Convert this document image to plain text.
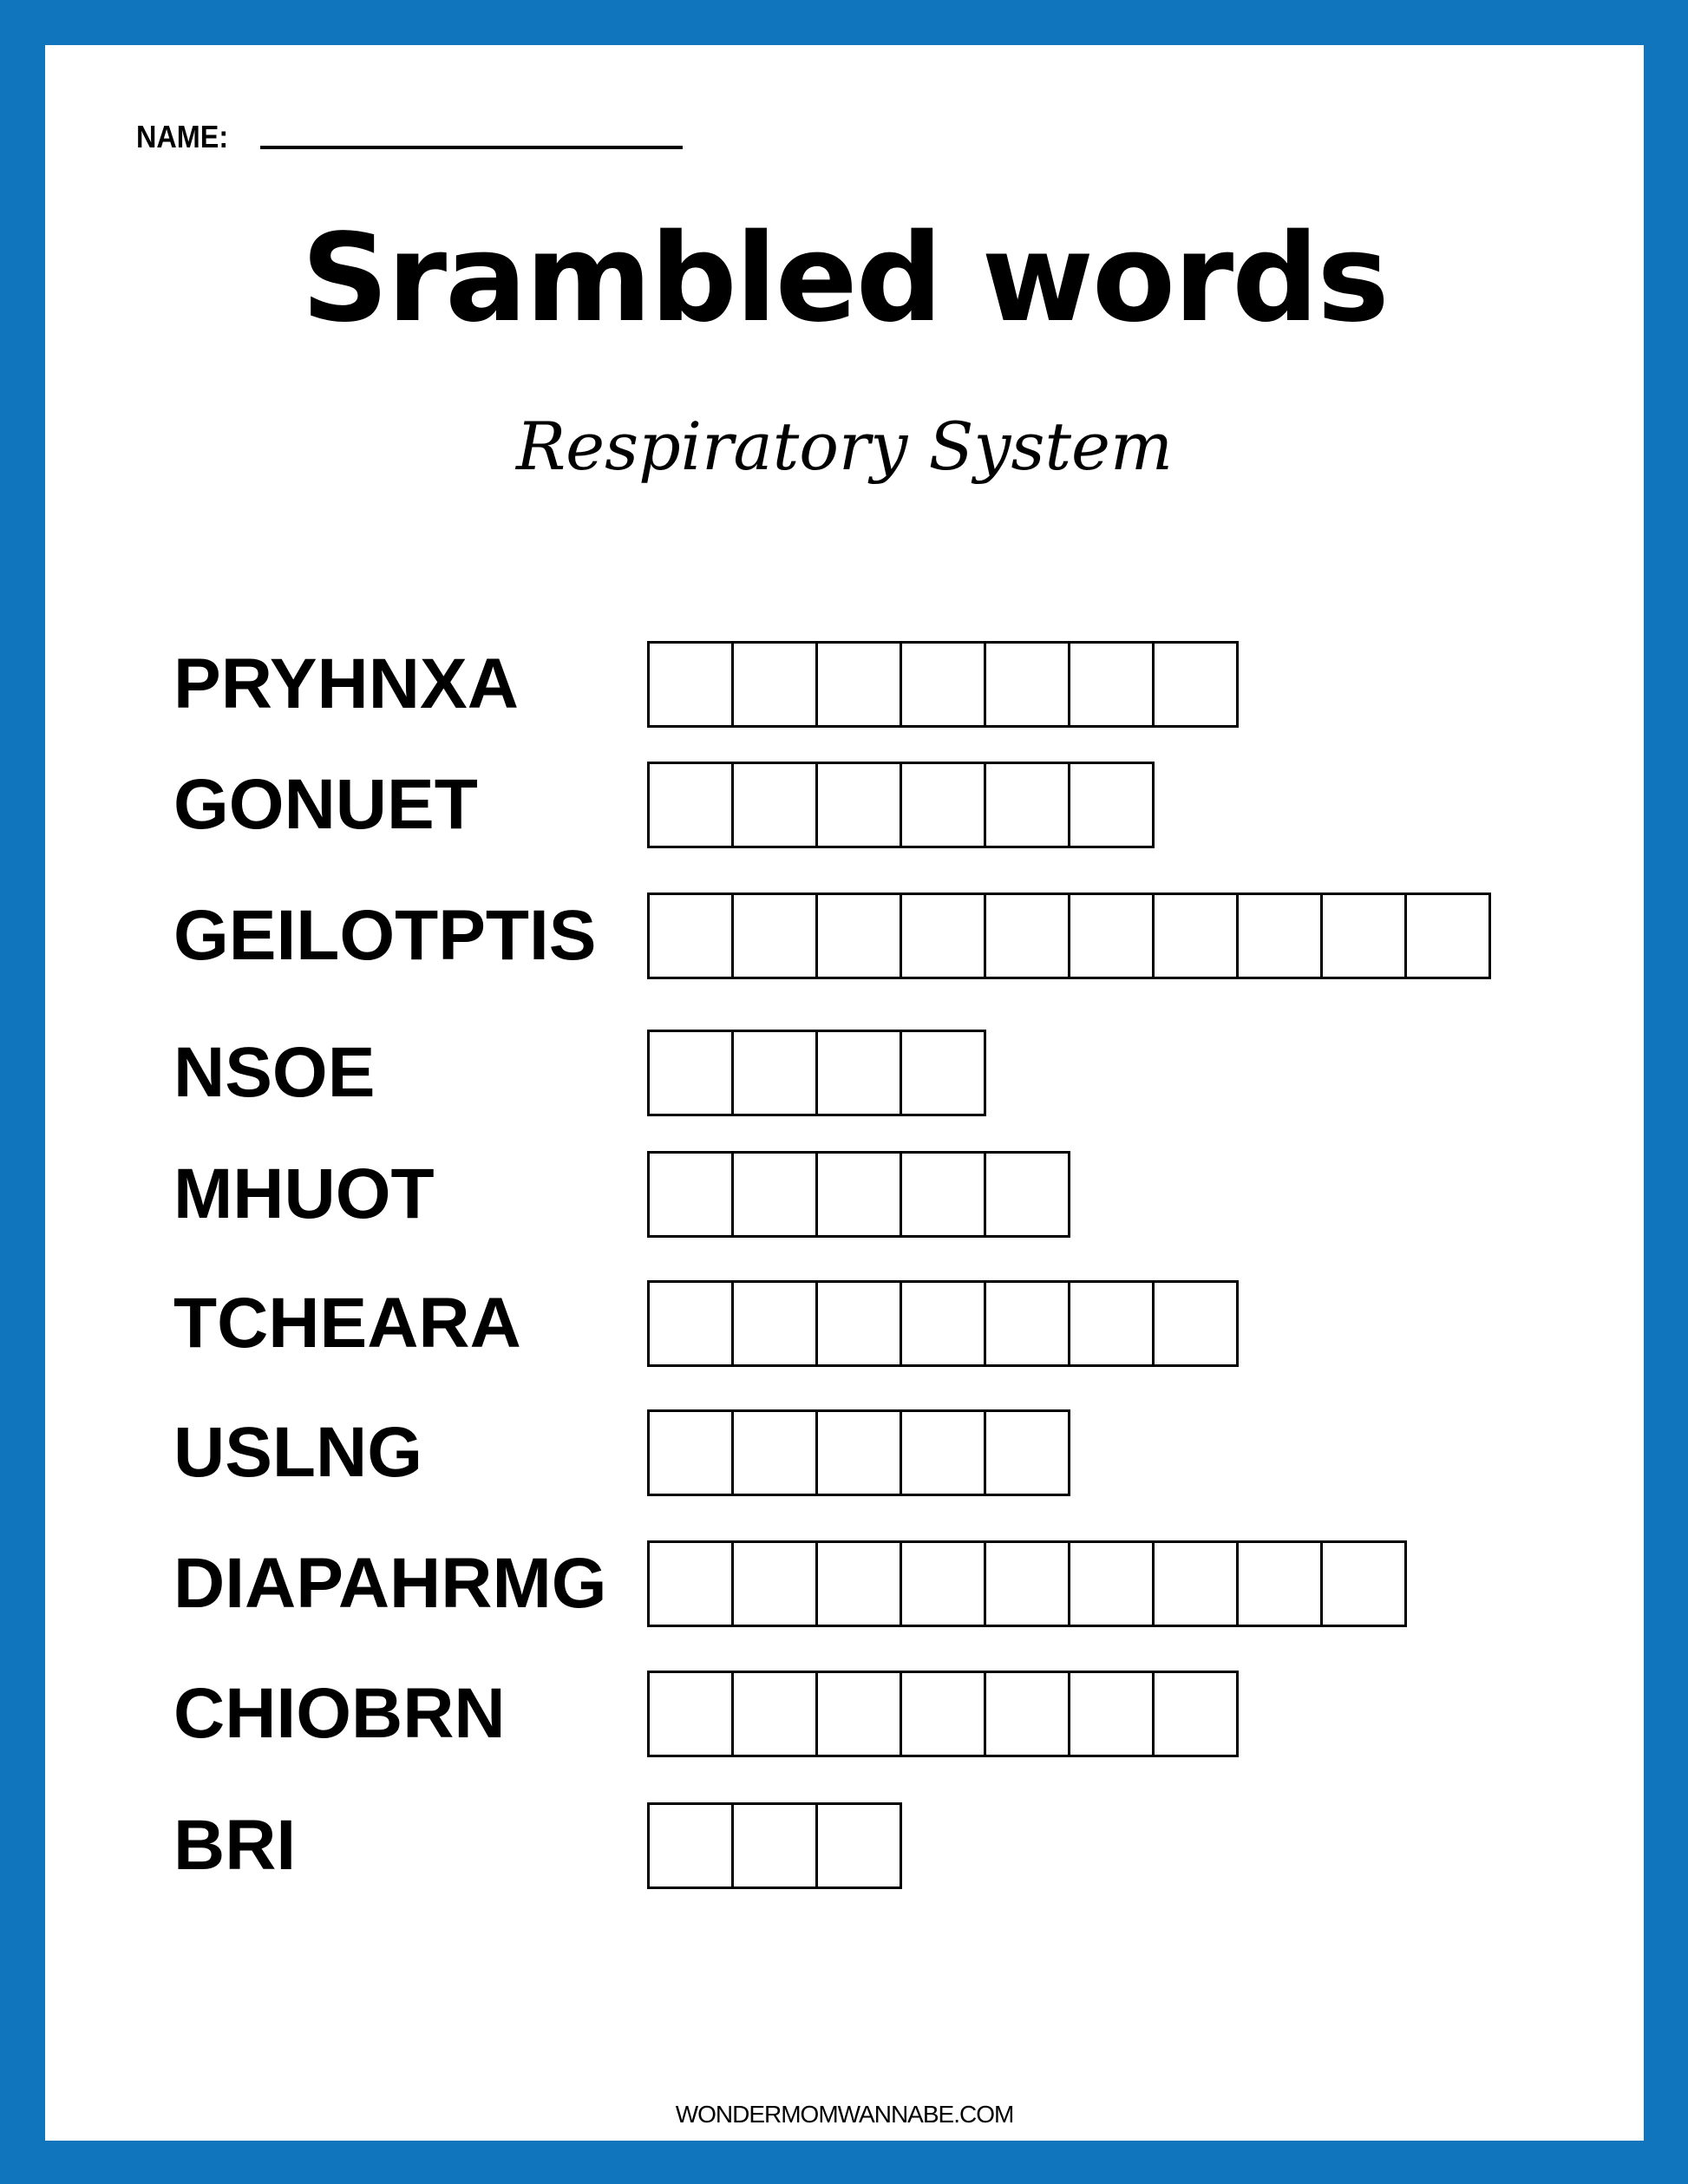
NAME:
Srambled words
Respiratory System
PRYHNXA
GONUET
GEILOTPTIS
NSOE
MHUOT
TCHEARA
USLNG
DIAPAHRMG
CHIOBRN
BRI
WONDERMOMWANNABE.COM
